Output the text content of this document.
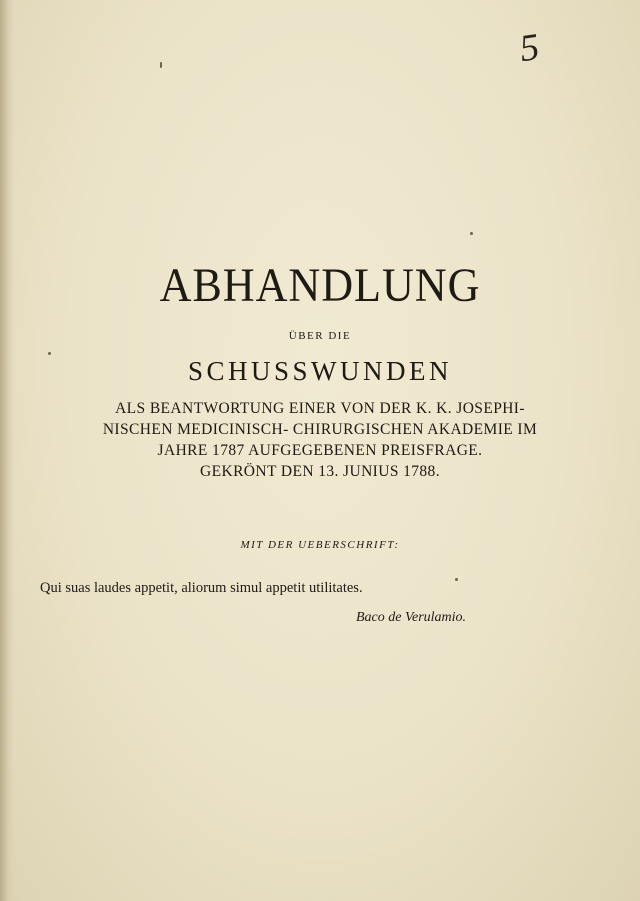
5
ABHANDLUNG
ÜBER DIE
SCHUSSWUNDEN
ALS BEANTWORTUNG EINER VON DER K. K. JOSEPHI-
NISCHEN MEDICINISCH- CHIRURGISCHEN AKADEMIE IM
JAHRE 1787 AUFGEGEBENEN PREISFRAGE.
GEKRÖNT DEN 13. JUNIUS 1788.
MIT DER UEBERSCHRIFT:
Qui suas laudes appetit, aliorum simul appetit utilitates.
Baco de Verulamio.
